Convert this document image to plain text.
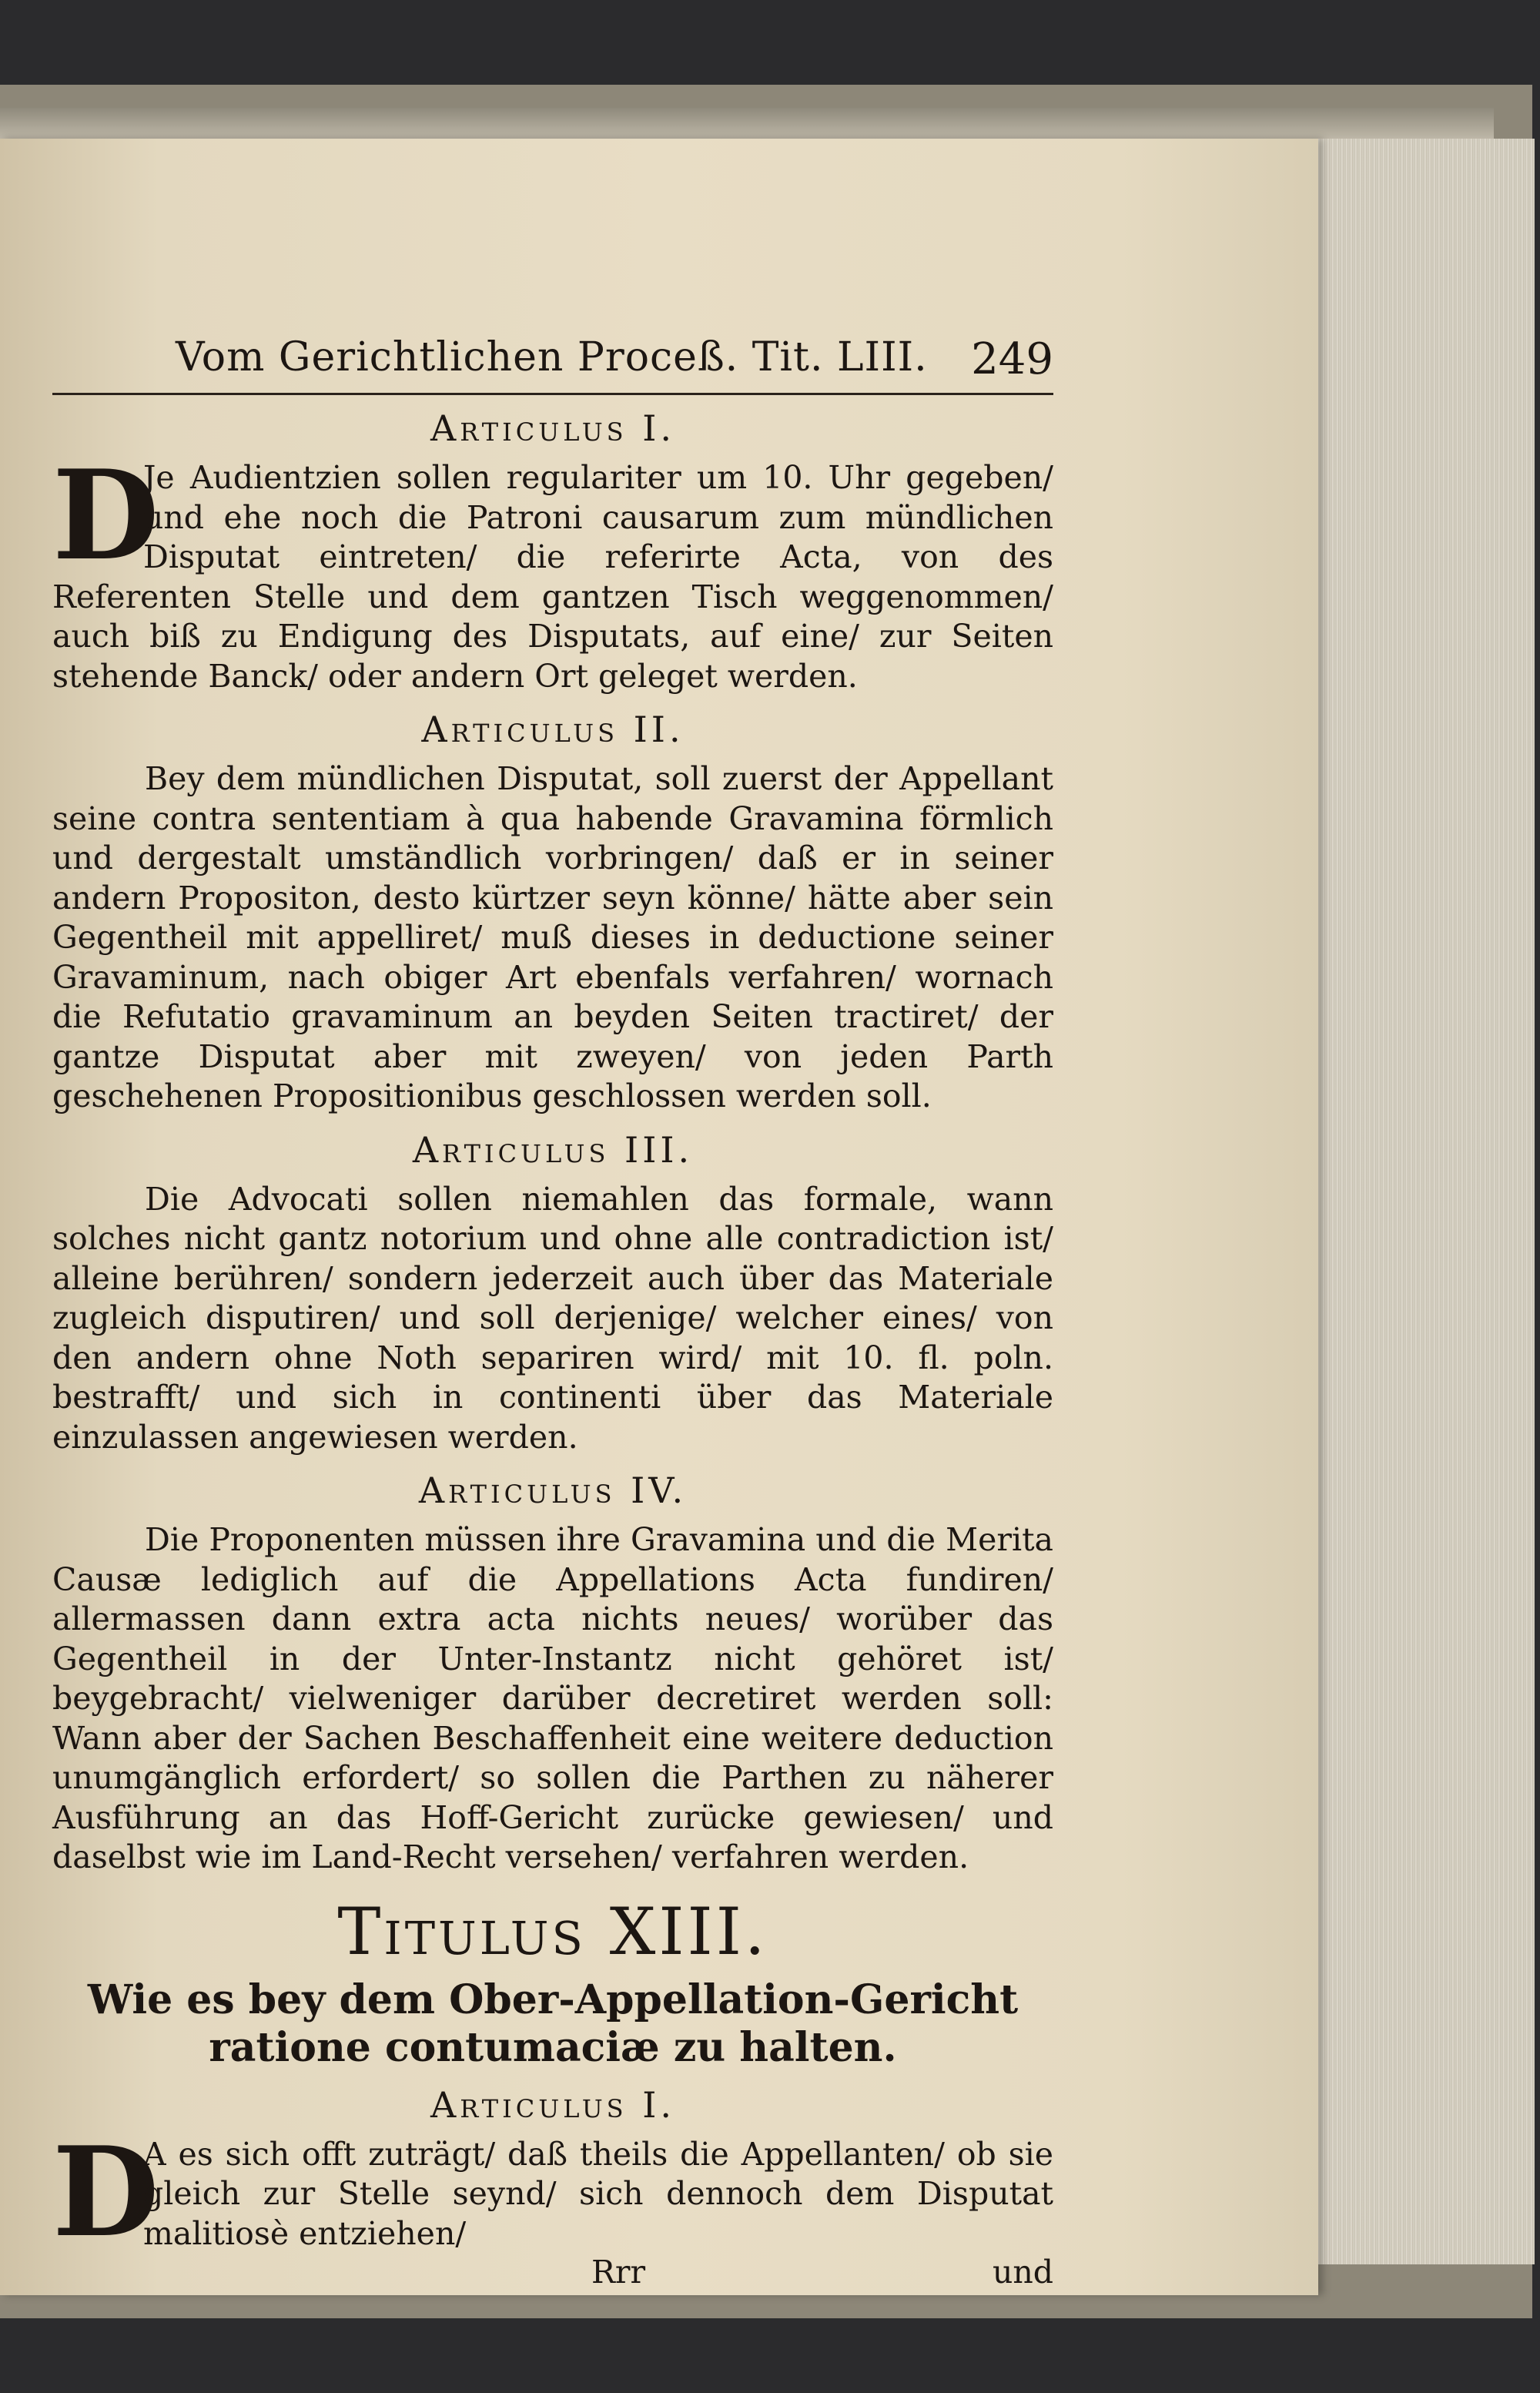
Vom Gerichtlichen Proceß. Tit. LIII. 249
Articulus I.

D
Je Audientzien sollen regulariter um 10. Uhr gegeben/ und ehe noch die Patroni causarum zum mündlichen Disputat eintreten/ die referirte Acta, von des Referenten Stelle und dem gantzen Tisch weggenommen/ auch biß zu Endigung des Disputats, auf eine/ zur Seiten stehende Banck/ oder andern Ort geleget werden.

Articulus II.

Bey dem mündlichen Disputat, soll zuerst der Appellant seine contra sententiam à qua habende Gravamina förmlich und dergestalt umständlich vorbringen/ daß er in seiner andern Propositon, desto kürtzer seyn könne/ hätte aber sein Gegentheil mit appelliret/ muß dieses in deductione seiner Gravaminum, nach obiger Art ebenfals verfahren/ wornach die Refutatio gravaminum an beyden Seiten tractiret/ der gantze Disputat aber mit zweyen/ von jeden Parth geschehenen Propositionibus geschlossen werden soll.

Articulus III.

Die Advocati sollen niemahlen das formale, wann solches nicht gantz notorium und ohne alle contradiction ist/ alleine berühren/ sondern jederzeit auch über das Materiale zugleich disputiren/ und soll derjenige/ welcher eines/ von den andern ohne Noth separiren wird/ mit 10. fl. poln. bestrafft/ und sich in continenti über das Materiale einzulassen angewiesen werden.

Articulus IV.

Die Proponenten müssen ihre Gravamina und die Merita Causæ lediglich auf die Appellations Acta fundiren/ allermassen dann extra acta nichts neues/ worüber das Gegentheil in der Unter-Instantz nicht gehöret ist/ beygebracht/ vielweniger darüber decretiret werden soll: Wann aber der Sachen Beschaffenheit eine weitere deduction unumgänglich erfordert/ so sollen die Parthen zu näherer Ausführung an das Hoff-Gericht zurücke gewiesen/ und daselbst wie im Land-Recht versehen/ verfahren werden.

Titulus XIII.
Wie es bey dem Ober-Appellation-Gericht ratione contumaciæ zu halten.
Articulus I.

D
A es sich offt zuträgt/ daß theils die Appellanten/ ob sie gleich zur Stelle seynd/ sich dennoch dem Disputat malitiosè entziehen/

Rrr	und
